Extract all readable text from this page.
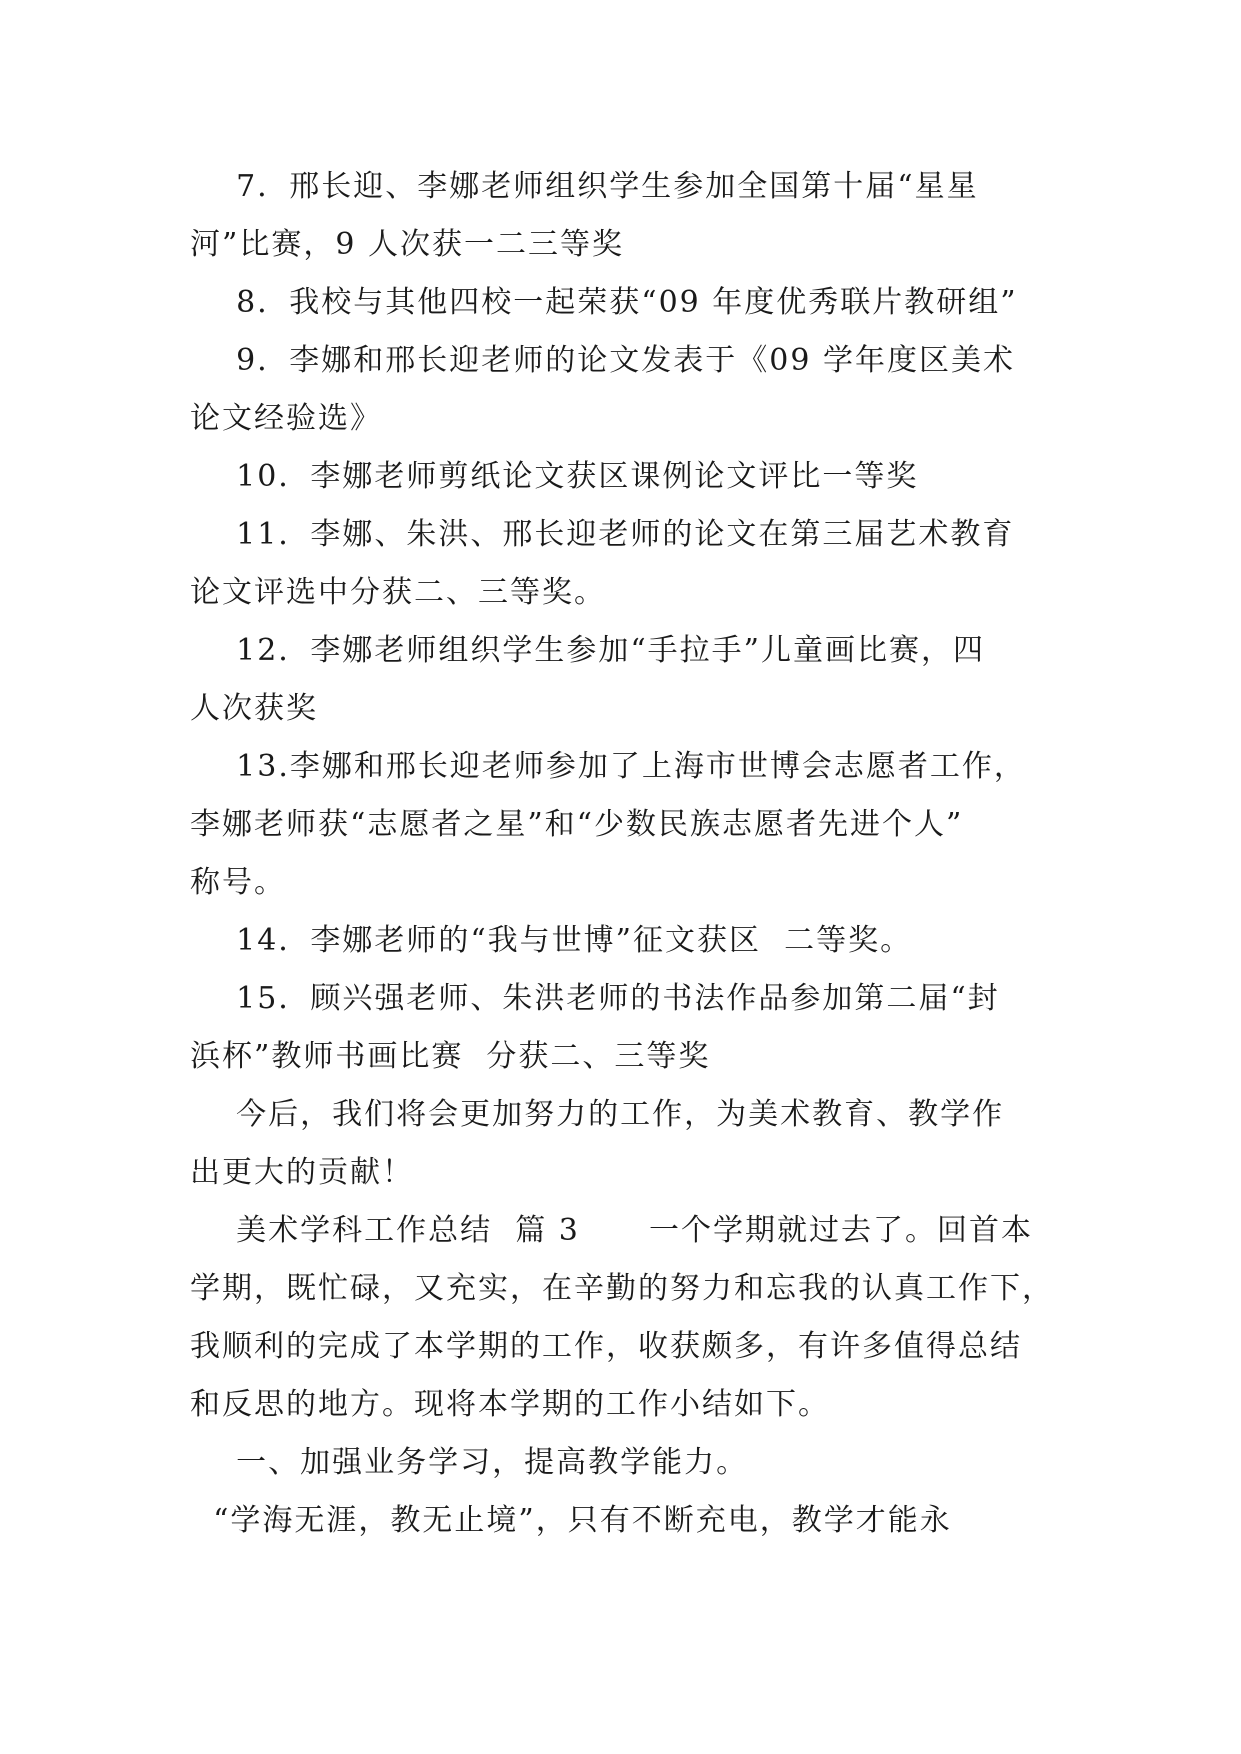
7．邢长迎、李娜老师组织学生参加全国第十届“星星
河”比赛，9 人次获一二三等奖
8．我校与其他四校一起荣获“09 年度优秀联片教研组”
9．李娜和邢长迎老师的论文发表于《09 学年度区美术
论文经验选》
10．李娜老师剪纸论文获区课例论文评比一等奖
11．李娜、朱洪、邢长迎老师的论文在第三届艺术教育
论文评选中分获二、三等奖。
12．李娜老师组织学生参加“手拉手”儿童画比赛，四
人次获奖
13.李娜和邢长迎老师参加了上海市世博会志愿者工作，
李娜老师获“志愿者之星”和“少数民族志愿者先进个人”
称号。
14．李娜老师的“我与世博”征文获区  二等奖。
15．顾兴强老师、朱洪老师的书法作品参加第二届“封
浜杯”教师书画比赛  分获二、三等奖
今后，我们将会更加努力的工作，为美术教育、教学作
出更大的贡献！
美术学科工作总结  篇 3      一个学期就过去了。回首本
学期，既忙碌，又充实，在辛勤的努力和忘我的认真工作下，
我顺利的完成了本学期的工作，收获颇多，有许多值得总结
和反思的地方。现将本学期的工作小结如下。
一、加强业务学习，提高教学能力。
“学海无涯，教无止境”，只有不断充电，教学才能永
